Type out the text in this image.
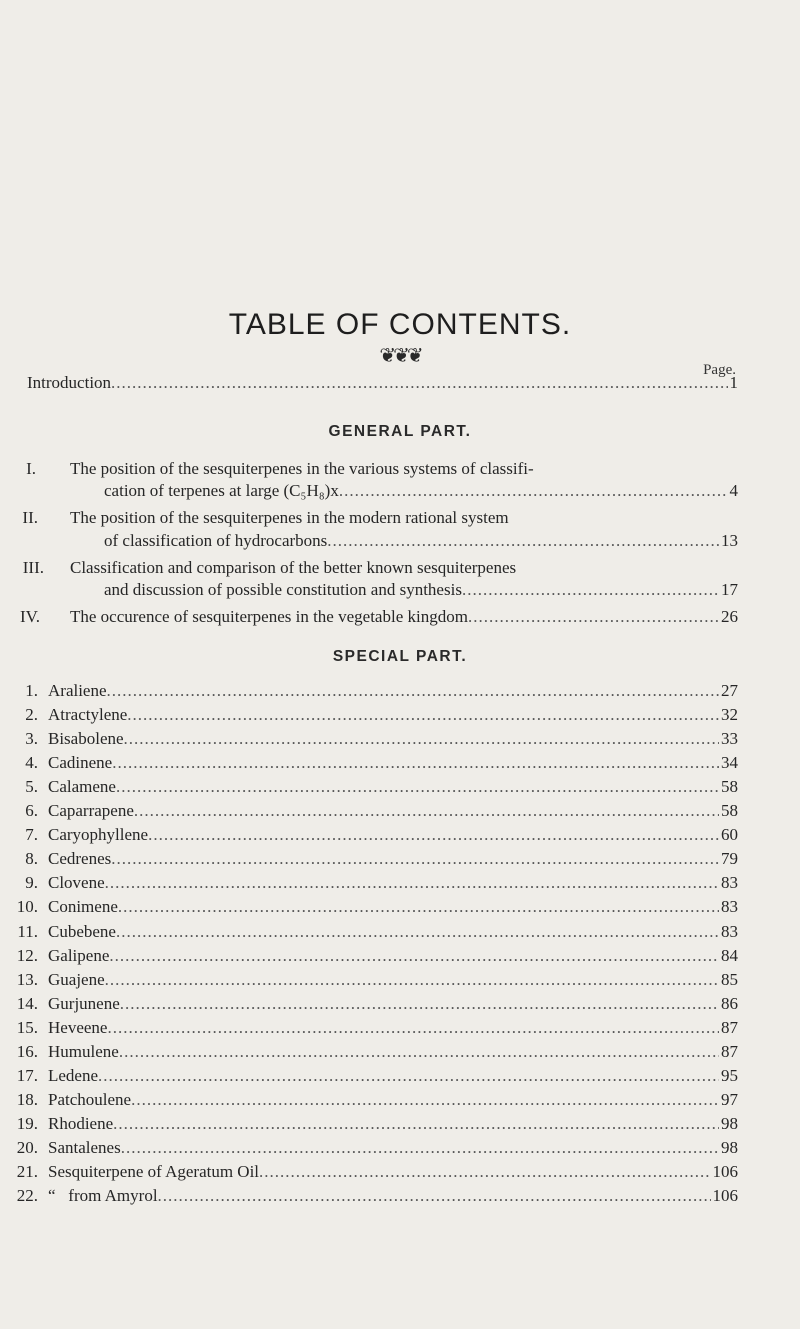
TABLE OF CONTENTS.
❦❦❦
Page.
Introduction .....	1
GENERAL PART.
I. The position of the sesquiterpenes in the various systems of classifi-
cation of terpenes at large (C₅H₈)x .....	4
II. The position of the sesquiterpenes in the modern rational system
of classification of hydrocarbons .....	13
III. Classification and comparison of the better known sesquiterpenes
and discussion of possible constitution and synthesis .....	17
IV. The occurence of sesquiterpenes in the vegetable kingdom .....	26
SPECIAL PART.
1. Araliene .....	27
2. Atractylene .....	32
3. Bisabolene .....	33
4. Cadinene .....	34
5. Calamene .....	58
6. Caparrapene .....	58
7. Caryophyllene .....	60
8. Cedrenes .....	79
9. Clovene .....	83
10. Conimene .....	83
11. Cubebene .....	83
12. Galipene .....	84
13. Guajene .....	85
14. Gurjunene .....	86
15. Heveene .....	87
16. Humulene .....	87
17. Ledene .....	95
18. Patchoulene .....	97
19. Rhodiene .....	98
20. Santalenes .....	98
21. Sesquiterpene of Ageratum Oil .....	106
22. “   from Amyrol .....	106
